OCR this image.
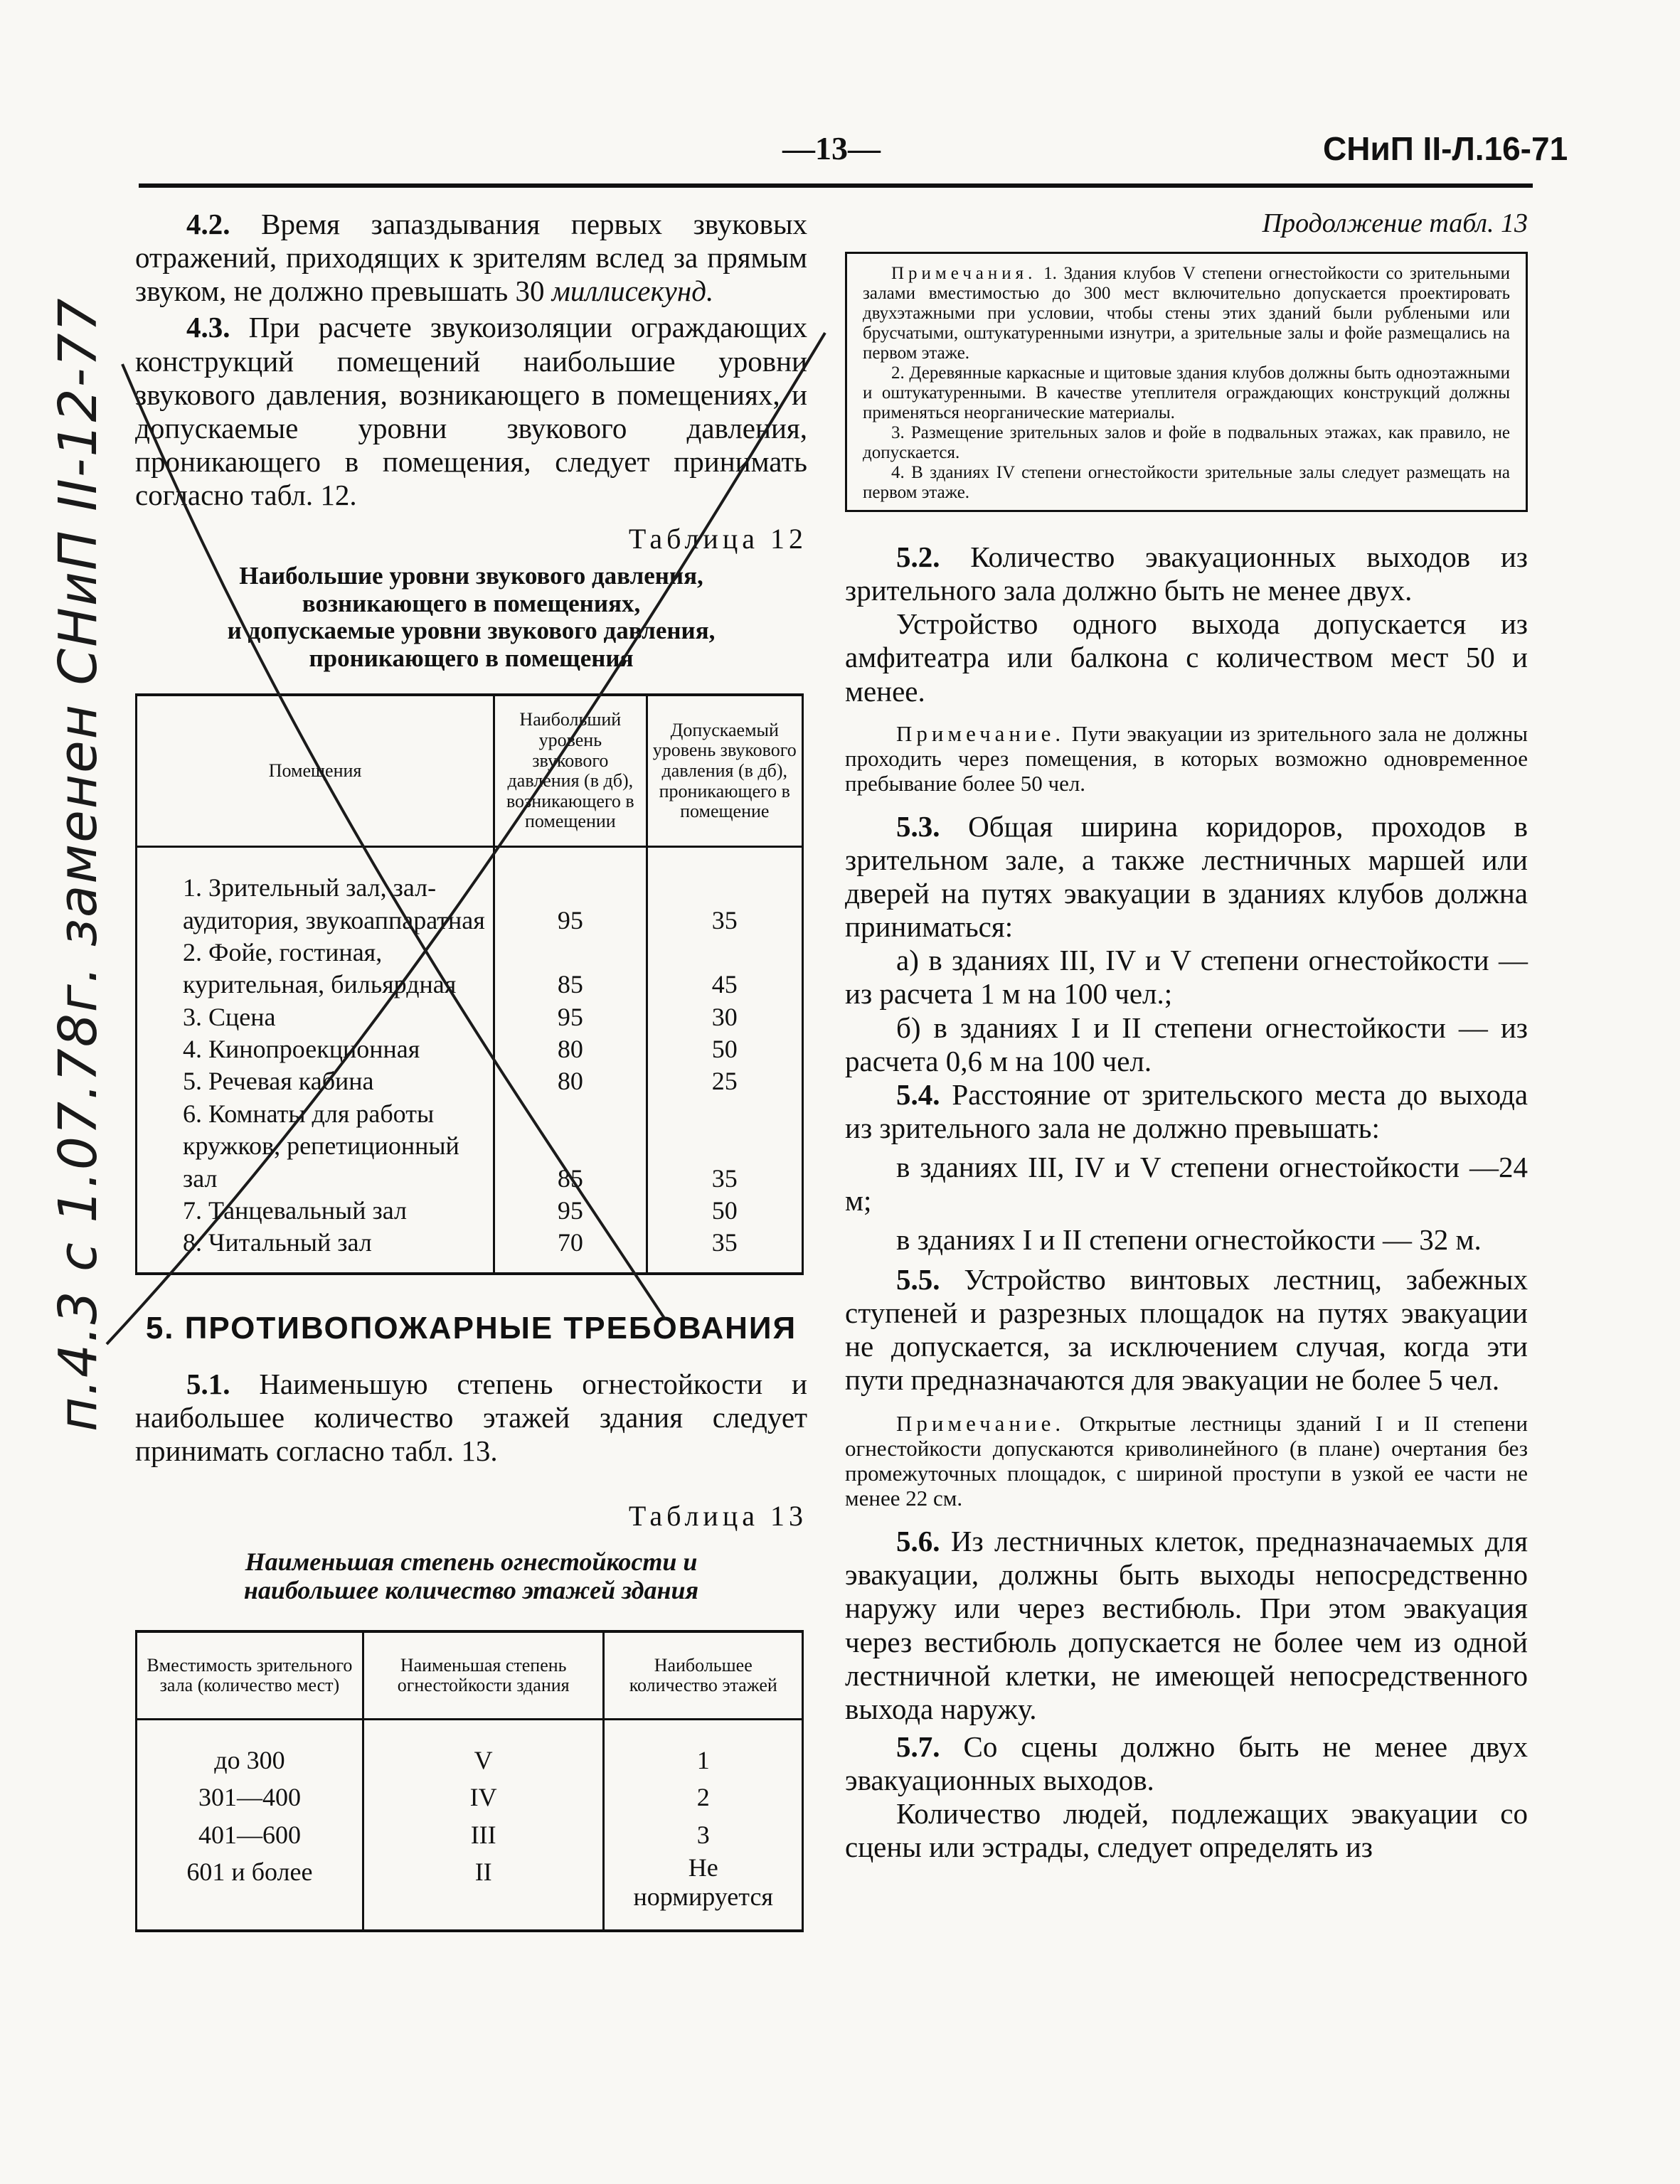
—13—	СНиП II-Л.16-71

4.2. Время запаздывания первых звуковых отражений, приходящих к зрителям вслед за прямым звуком, не должно превышать 30 миллисекунд.

4.3. При расчете звукоизоляции ограждающих конструкций помещений наибольшие уровни звукового давления, возникающего в помещениях, и допускаемые уровни звукового давления, проникающего в помещения, следует принимать согласно табл. 12.

Таблица 12
Наибольшие уровни звукового давления,
возникающего в помещениях,
и допускаемые уровни звукового давления,
проникающего в помещения
Помещения	Наибольший уровень звукового давления (в дб), возникающего в помещении	Допускаемый уровень звукового давления (в дб), проникающего в помещение
1. Зрительный зал, зал-аудитория, звукоаппаратная	95	35
2. Фойе, гостиная, курительная, бильярдная	85	45
3. Сцена	95	30
4. Кинопроекционная	80	50
5. Речевая кабина	80	25
6. Комнаты для работы кружков, репетиционный зал	85	35
7. Танцевальный зал	95	50
8. Читальный зал	70	35
5. ПРОТИВОПОЖАРНЫЕ ТРЕБОВАНИЯ

5.1. Наименьшую степень огнестойкости и наибольшее количество этажей здания следует принимать согласно табл. 13.

Таблица 13
Наименьшая степень огнестойкости и
наибольшее количество этажей здания
Вместимость зрительного зала (количество мест)	Наименьшая степень огнестойкости здания	Наибольшее количество этажей
до 300	V	1
301—400	IV	2
401—600	III	3
601 и более	II	Не нормируется
Продолжение табл. 13

Примечания. 1. Здания клубов V степени огнестойкости со зрительными залами вместимостью до 300 мест включительно допускается проектировать двухэтажными при условии, чтобы стены этих зданий были рублеными или брусчатыми, оштукатуренными изнутри, а зрительные залы и фойе размещались на первом этаже.

2. Деревянные каркасные и щитовые здания клубов должны быть одноэтажными и оштукатуренными. В качестве утеплителя ограждающих конструкций должны применяться неорганические материалы.

3. Размещение зрительных залов и фойе в подвальных этажах, как правило, не допускается.

4. В зданиях IV степени огнестойкости зрительные залы следует размещать на первом этаже.

5.2. Количество эвакуационных выходов из зрительного зала должно быть не менее двух.

Устройство одного выхода допускается из амфитеатра или балкона с количеством мест 50 и менее.

Примечание. Пути эвакуации из зрительного зала не должны проходить через помещения, в которых возможно одновременное пребывание более 50 чел.

5.3. Общая ширина коридоров, проходов в зрительном зале, а также лестничных маршей или дверей на путях эвакуации в зданиях клубов должна приниматься:

а) в зданиях III, IV и V степени огнестойкости — из расчета 1 м на 100 чел.;

б) в зданиях I и II степени огнестойкости — из расчета 0,6 м на 100 чел.

5.4. Расстояние от зрительского места до выхода из зрительного зала не должно превышать:

в зданиях III, IV и V степени огнестойкости —24 м;

в зданиях I и II степени огнестойкости — 32 м.

5.5. Устройство винтовых лестниц, забежных ступеней и разрезных площадок на путях эвакуации не допускается, за исключением случая, когда эти пути предназначаются для эвакуации не более 5 чел.

Примечание. Открытые лестницы зданий I и II степени огнестойкости допускаются криволинейного (в плане) очертания без промежуточных площадок, с шириной проступи в узкой ее части не менее 22 см.

5.6. Из лестничных клеток, предназначаемых для эвакуации, должны быть выходы непосредственно наружу или через вестибюль. При этом эвакуация через вестибюль допускается не более чем из одной лестничной клетки, не имеющей непосредственного выхода наружу.

5.7. Со сцены должно быть не менее двух эвакуационных выходов.

Количество людей, подлежащих эвакуации со сцены или эстрады, следует определять из

п.4.3 с 1.07.78г. заменен СНиП II-12-77
